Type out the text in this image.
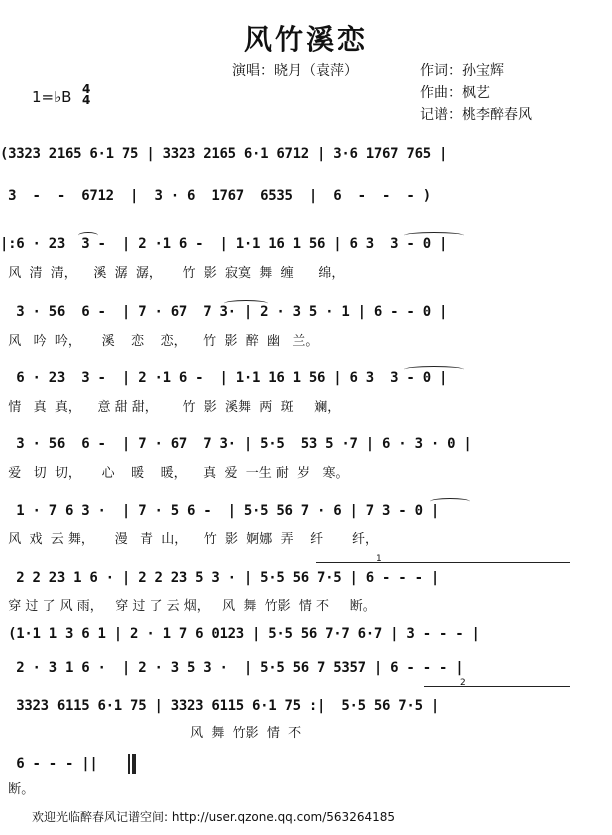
风竹溪恋
演唱：晓月（袁萍）	作词：孙宝辉
作曲：枫艺
记谱：桃李醉春风
1=♭B 4
4
(3323 2165 6·1 75 | 3323 2165 6·1 6712 | 3·6 1767 765 |
3  -  -  6712  |  3 · 6  1767  6535  |  6  -  -  - )
|:6 · 23  3 -  | 2 ·1 6 -  | 1·1 16 1 56 | 6 3  3 - 0 |
风  清  清，    溪  潺  潺，     竹  影  寂寞  舞  缠      绵，
3 · 56  6 -  | 7 · 67  7 3· | 2 · 3 5 · 1 | 6 - - 0 |
风   吟  吟，     溪    恋    恋，    竹  影  醉  幽   兰。
6 · 23  3 -  | 2 ·1 6 -  | 1·1 16 1 56 | 6 3  3 - 0 |
情   真  真，    意 甜 甜，      竹  影  溪舞  两  斑     斓，
3 · 56  6 -  | 7 · 67  7 3· | 5·5  53 5 ·7 | 6 · 3 · 0 |
爱   切  切，     心    暖    暖，    真  爱  一生 耐  岁   寒。
1 · 7 6 3 ·  | 7 · 5 6 -  | 5·5 56 7 · 6 | 7 3 - 0 |
风  戏  云 舞，     漫   青  山，    竹  影  婀娜  弄    纤       纤，
1
2 2 23 1 6 · | 2 2 23 5 3 · | 5·5 56 7·5 | 6 - - - |
穿 过 了 风 雨，   穿 过 了 云 烟，   风  舞  竹影  情 不     断。
(1·1 1 3 6 1 | 2 · 1 7 6 0123 | 5·5 56 7·7 6·7 | 3 - - - |
2 · 3 1 6 ·  | 2 · 3 5 3 ·  | 5·5 56 7 5357 | 6 - - - |
2
3323 6115 6·1 75 | 3323 6115 6·1 75 :|  5·5 56 7·5 |
风  舞  竹影  情  不
6 - - - ||
断。
欢迎光临醉春风记谱空间: http://user.qzone.qq.com/563264185
